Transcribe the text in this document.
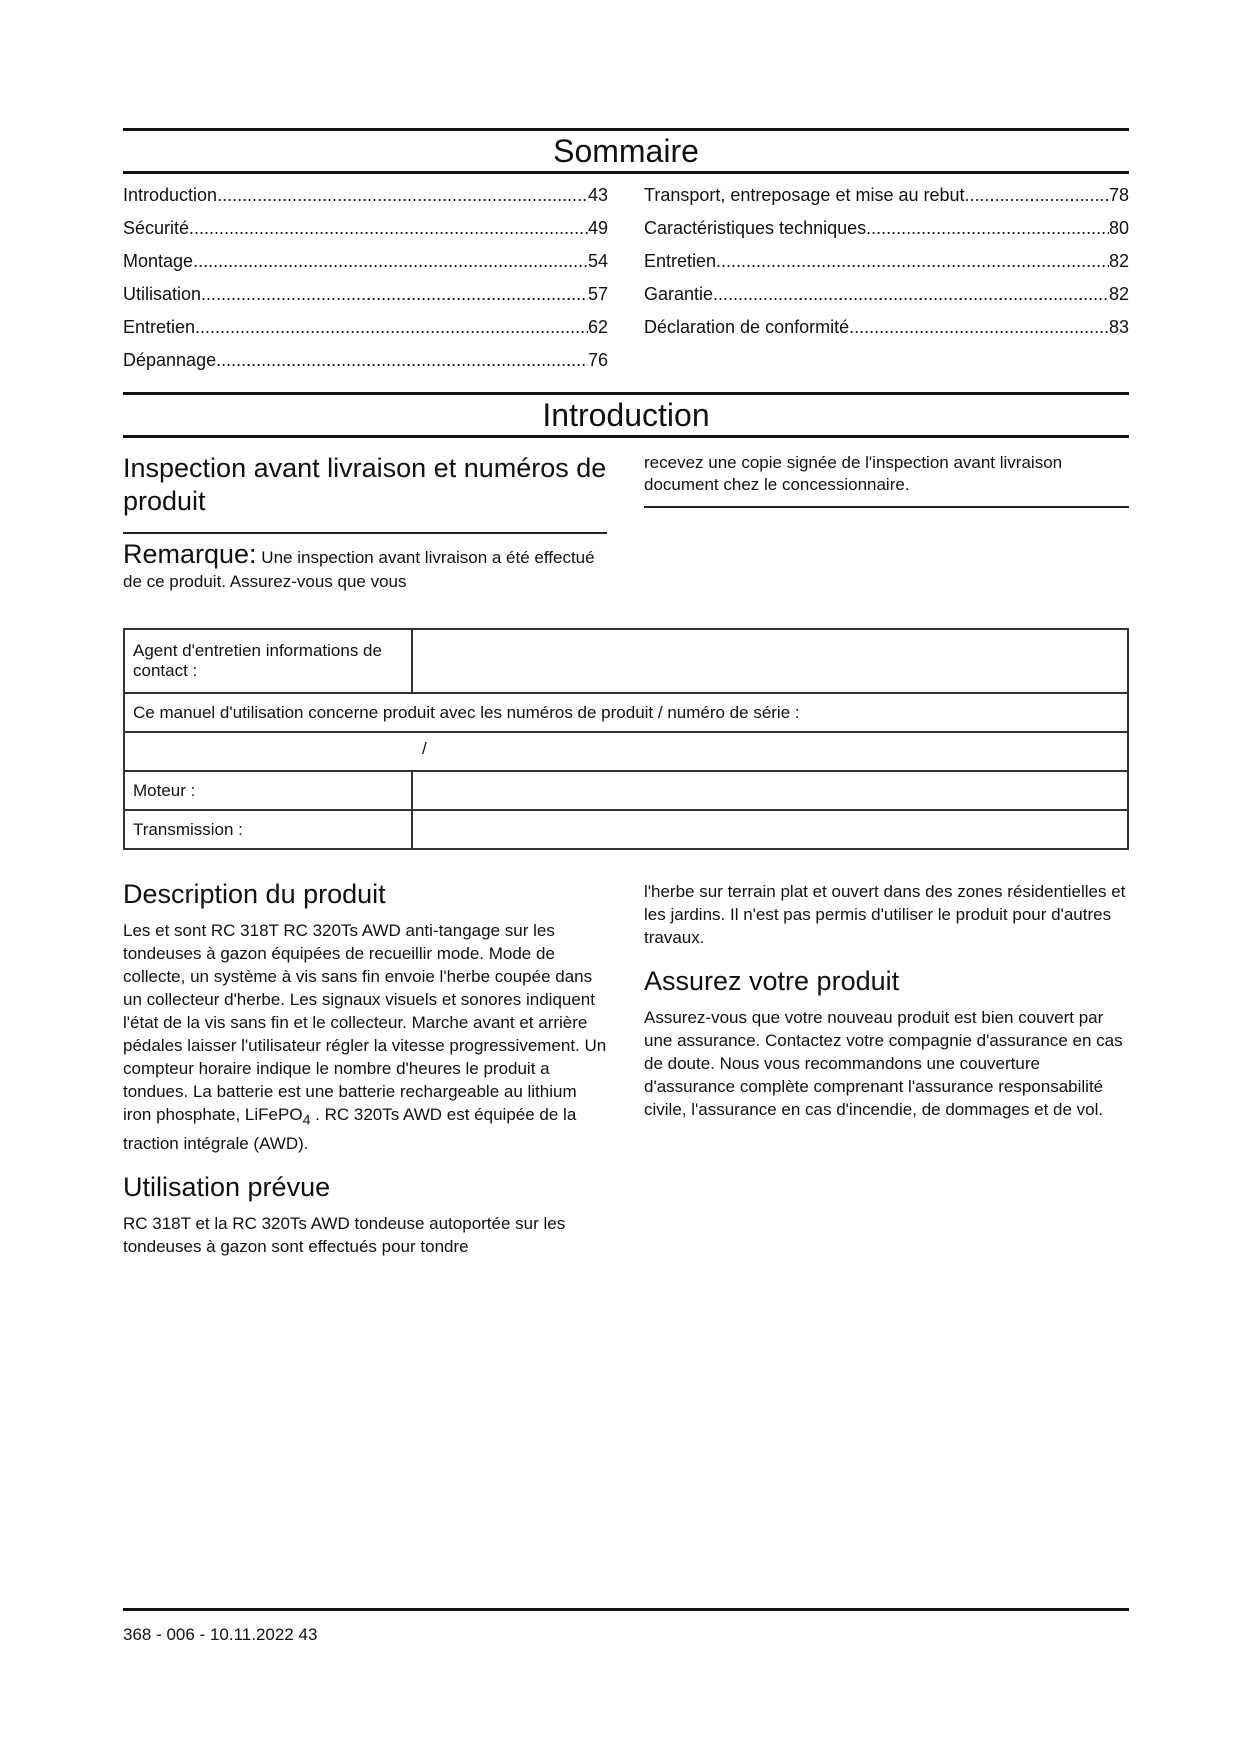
Sommaire
Introduction .....	43
Sécurité .....	49
Montage .....	54
Utilisation .....	57
Entretien .....	62
Dépannage .....	76
Transport, entreposage et mise au rebut .....	78
Caractéristiques techniques .....	80
Entretien .....	82
Garantie .....	82
Déclaration de conformité .....	83
Introduction
Inspection avant livraison et numéros de produit
Remarque: Une inspection avant livraison a été effectué de ce produit. Assurez-vous que vous

recevez une copie signée de l'inspection avant livraison document chez le concessionnaire.

Agent d'entretien informations de contact :	
Ce manuel d'utilisation concerne produit avec les numéros de produit / numéro de série :	

/	

Moteur :	
Transmission :	
Description du produit

Les et sont RC 318T RC 320Ts AWD anti-tangage sur les tondeuses à gazon équipées de recueillir mode. Mode de collecte, un système à vis sans fin envoie l'herbe coupée dans un collecteur d'herbe. Les signaux visuels et sonores indiquent l'état de la vis sans fin et le collecteur. Marche avant et arrière pédales laisser l'utilisateur régler la vitesse progressivement. Un compteur horaire indique le nombre d'heures le produit a tondues. La batterie est une batterie rechargeable au lithium iron phosphate, LiFePO$_4$ . RC 320Ts AWD est équipée de la traction intégrale (AWD).

Utilisation prévue

RC 318T et la RC 320Ts AWD tondeuse autoportée sur les tondeuses à gazon sont effectués pour tondre

l'herbe sur terrain plat et ouvert dans des zones résidentielles et les jardins. Il n'est pas permis d'utiliser le produit pour d'autres travaux.

Assurez votre produit

Assurez-vous que votre nouveau produit est bien couvert par une assurance. Contactez votre compagnie d'assurance en cas de doute. Nous vous recommandons une couverture d'assurance complète comprenant l'assurance responsabilité civile, l'assurance en cas d'incendie, de dommages et de vol.

368 - 006 - 10.11.2022 43
